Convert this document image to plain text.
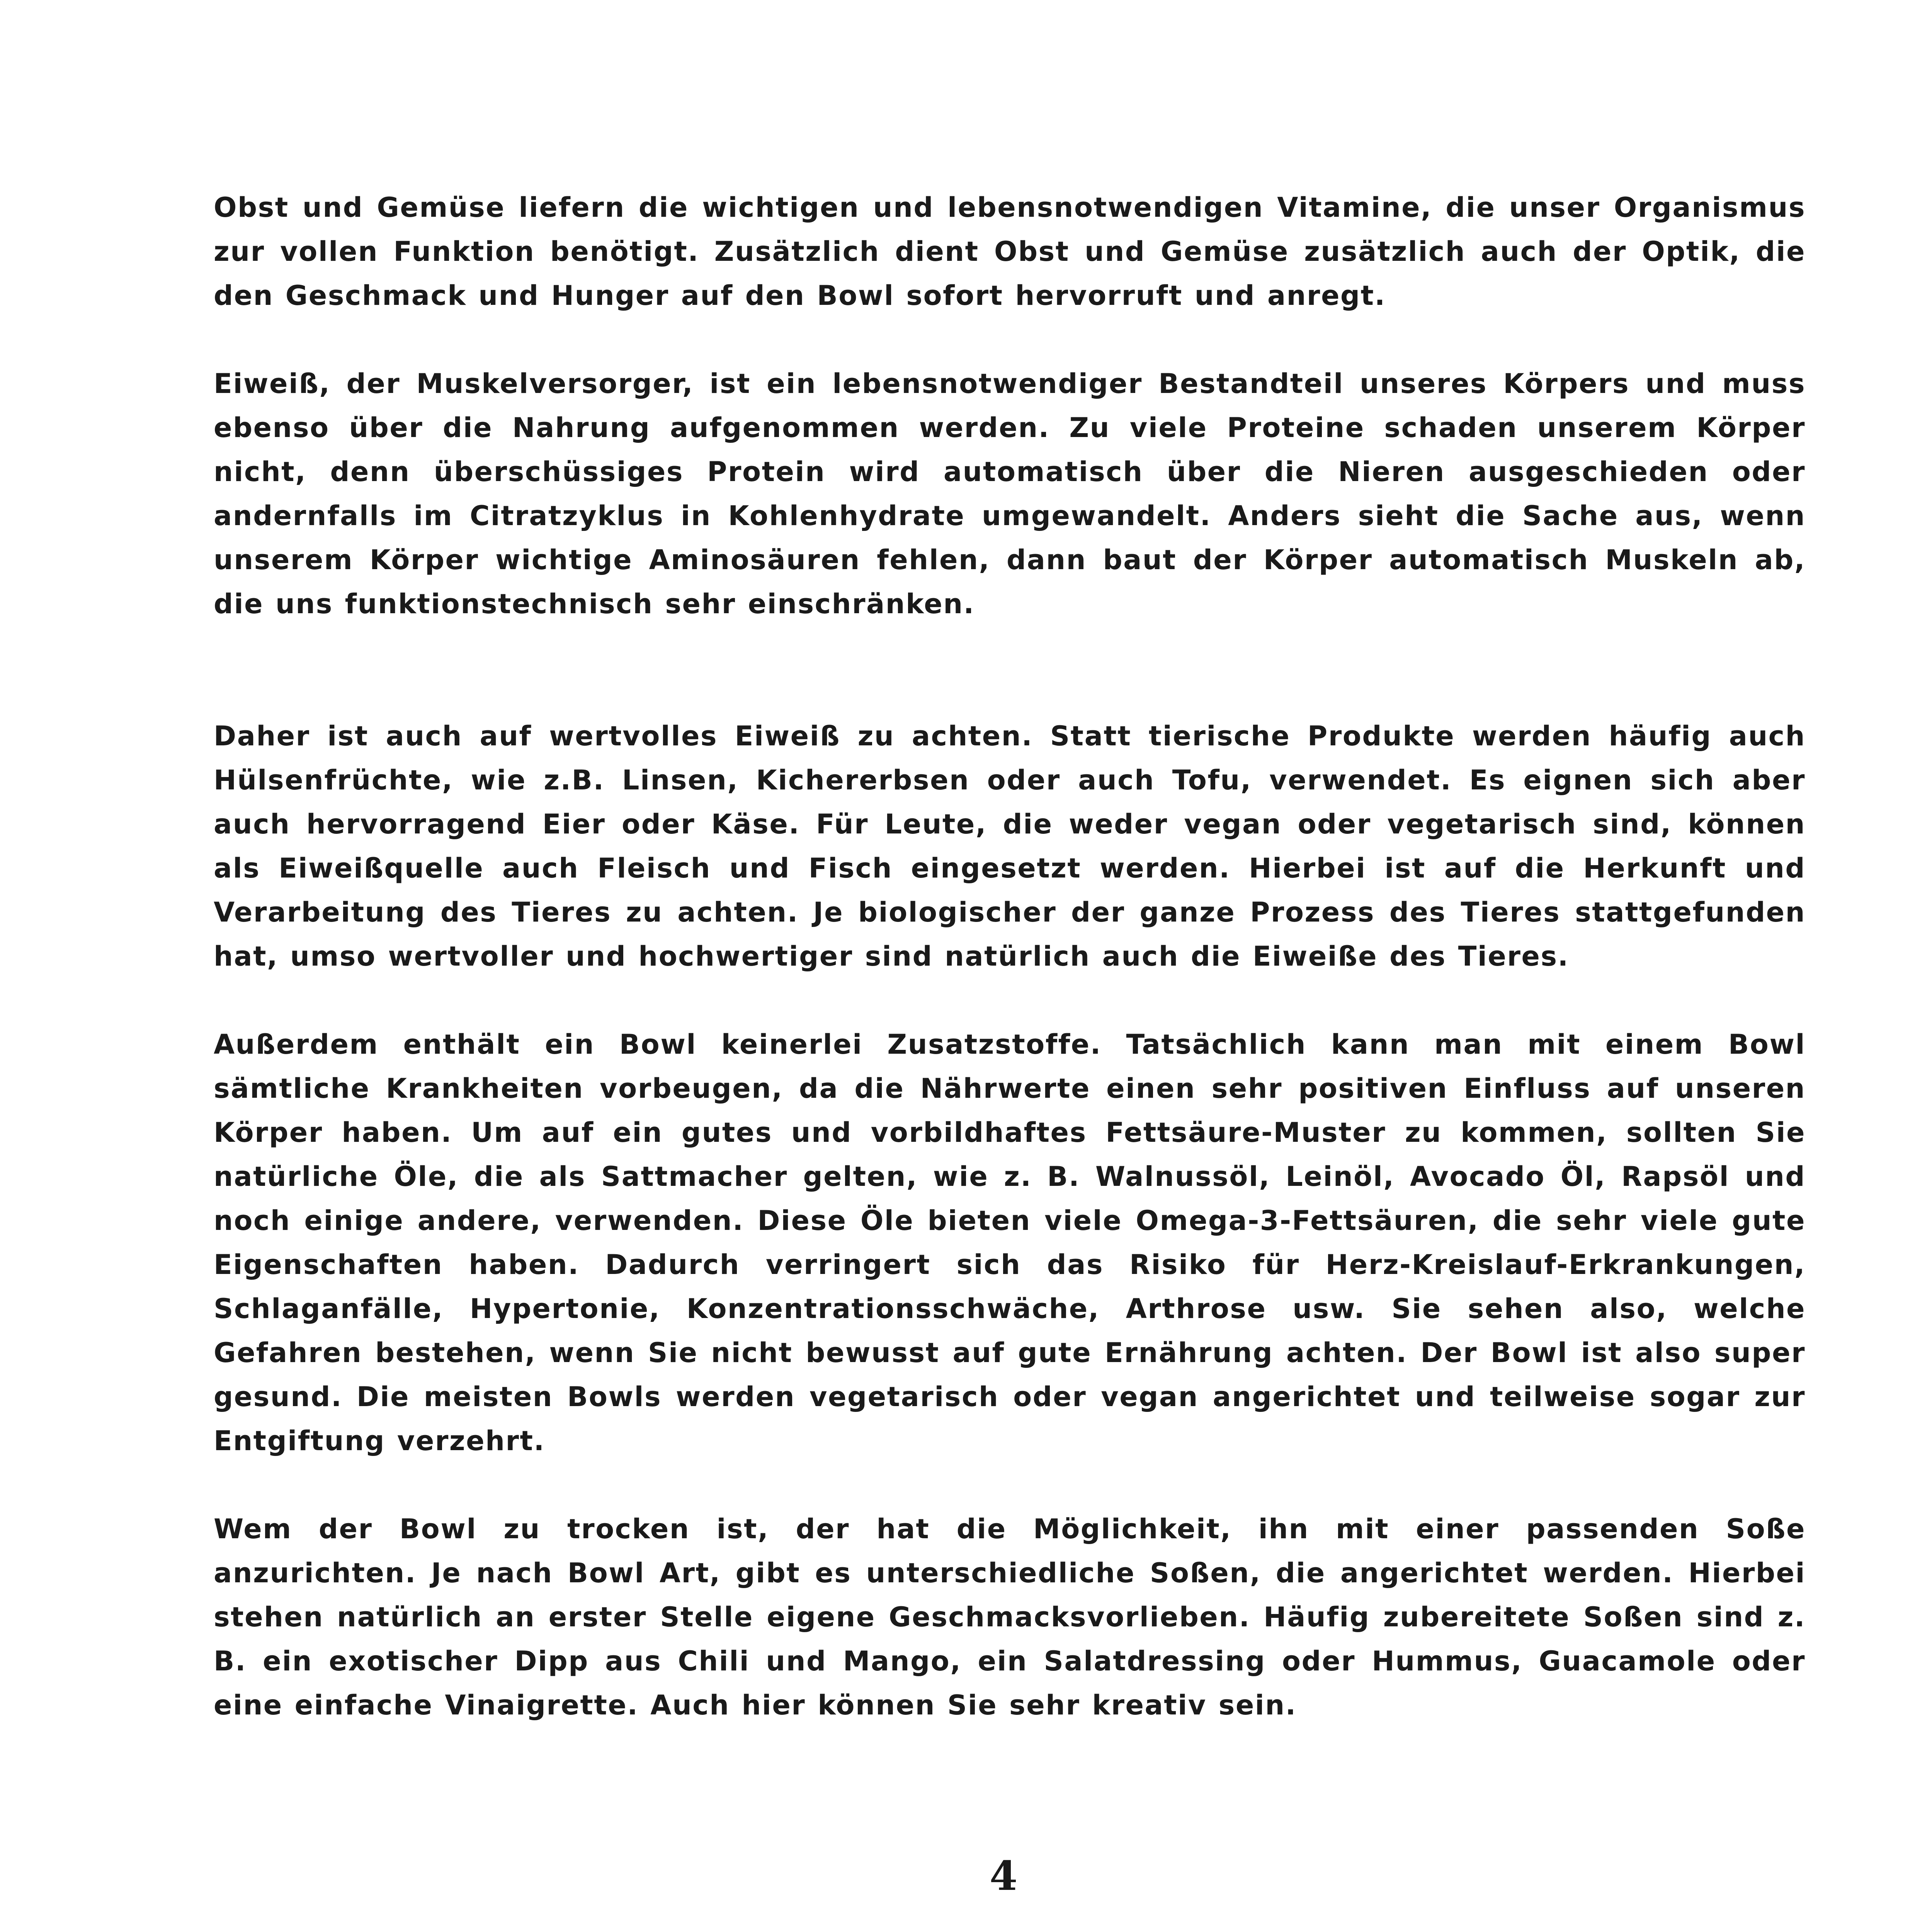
Obst und Gemüse liefern die wichtigen und lebensnotwendigen Vitamine, die unser Organismus zur vollen Funktion benötigt. Zusätzlich dient Obst und Gemüse zusätzlich auch der Optik, die den Geschmack und Hunger auf den Bowl sofort hervorruft und anregt.

Eiweiß, der Muskelversorger, ist ein lebensnotwendiger Bestandteil unseres Körpers und muss ebenso über die Nahrung aufgenommen werden. Zu viele Proteine schaden unserem Körper nicht, denn überschüssiges Protein wird automatisch über die Nieren ausgeschieden oder andernfalls im Citratzyklus in Kohlenhydrate umgewandelt. Anders sieht die Sache aus, wenn unserem Körper wichtige Aminosäuren fehlen, dann baut der Körper automatisch Muskeln ab, die uns funktionstechnisch sehr einschränken.

Daher ist auch auf wertvolles Eiweiß zu achten. Statt tierische Produkte werden häufig auch Hülsenfrüchte, wie z.B. Linsen, Kichererbsen oder auch Tofu, verwendet. Es eignen sich aber auch hervorragend Eier oder Käse. Für Leute, die weder vegan oder vegetarisch sind, können als Eiweißquelle auch Fleisch und Fisch eingesetzt werden. Hierbei ist auf die Herkunft und Verarbeitung des Tieres zu achten. Je biologischer der ganze Prozess des Tieres stattgefunden hat, umso wertvoller und hochwertiger sind natürlich auch die Eiweiße des Tieres.

Außerdem enthält ein Bowl keinerlei Zusatzstoffe. Tatsächlich kann man mit einem Bowl sämtliche Krankheiten vorbeugen, da die Nährwerte einen sehr positiven Einfluss auf unseren Körper haben. Um auf ein gutes und vorbildhaftes Fettsäure-Muster zu kommen, sollten Sie natürliche Öle, die als Sattmacher gelten, wie z. B. Walnussöl, Leinöl, Avocado Öl, Rapsöl und noch einige andere, verwenden. Diese Öle bieten viele Omega-3-Fettsäuren, die sehr viele gute Eigenschaften haben. Dadurch verringert sich das Risiko für Herz-Kreislauf-Erkrankungen, Schlaganfälle, Hypertonie, Konzentrationsschwäche, Arthrose usw. Sie sehen also, welche Gefahren bestehen, wenn Sie nicht bewusst auf gute Ernährung achten. Der Bowl ist also super gesund. Die meisten Bowls werden vegetarisch oder vegan angerichtet und teilweise sogar zur Entgiftung verzehrt.

Wem der Bowl zu trocken ist, der hat die Möglichkeit, ihn mit einer passenden Soße anzurichten. Je nach Bowl Art, gibt es unterschiedliche Soßen, die angerichtet werden. Hierbei stehen natürlich an erster Stelle eigene Geschmacksvorlieben. Häufig zubereitete Soßen sind z. B. ein exotischer Dipp aus Chili und Mango, ein Salatdressing oder Hummus, Guacamole oder eine einfache Vinaigrette. Auch hier können Sie sehr kreativ sein.

4
